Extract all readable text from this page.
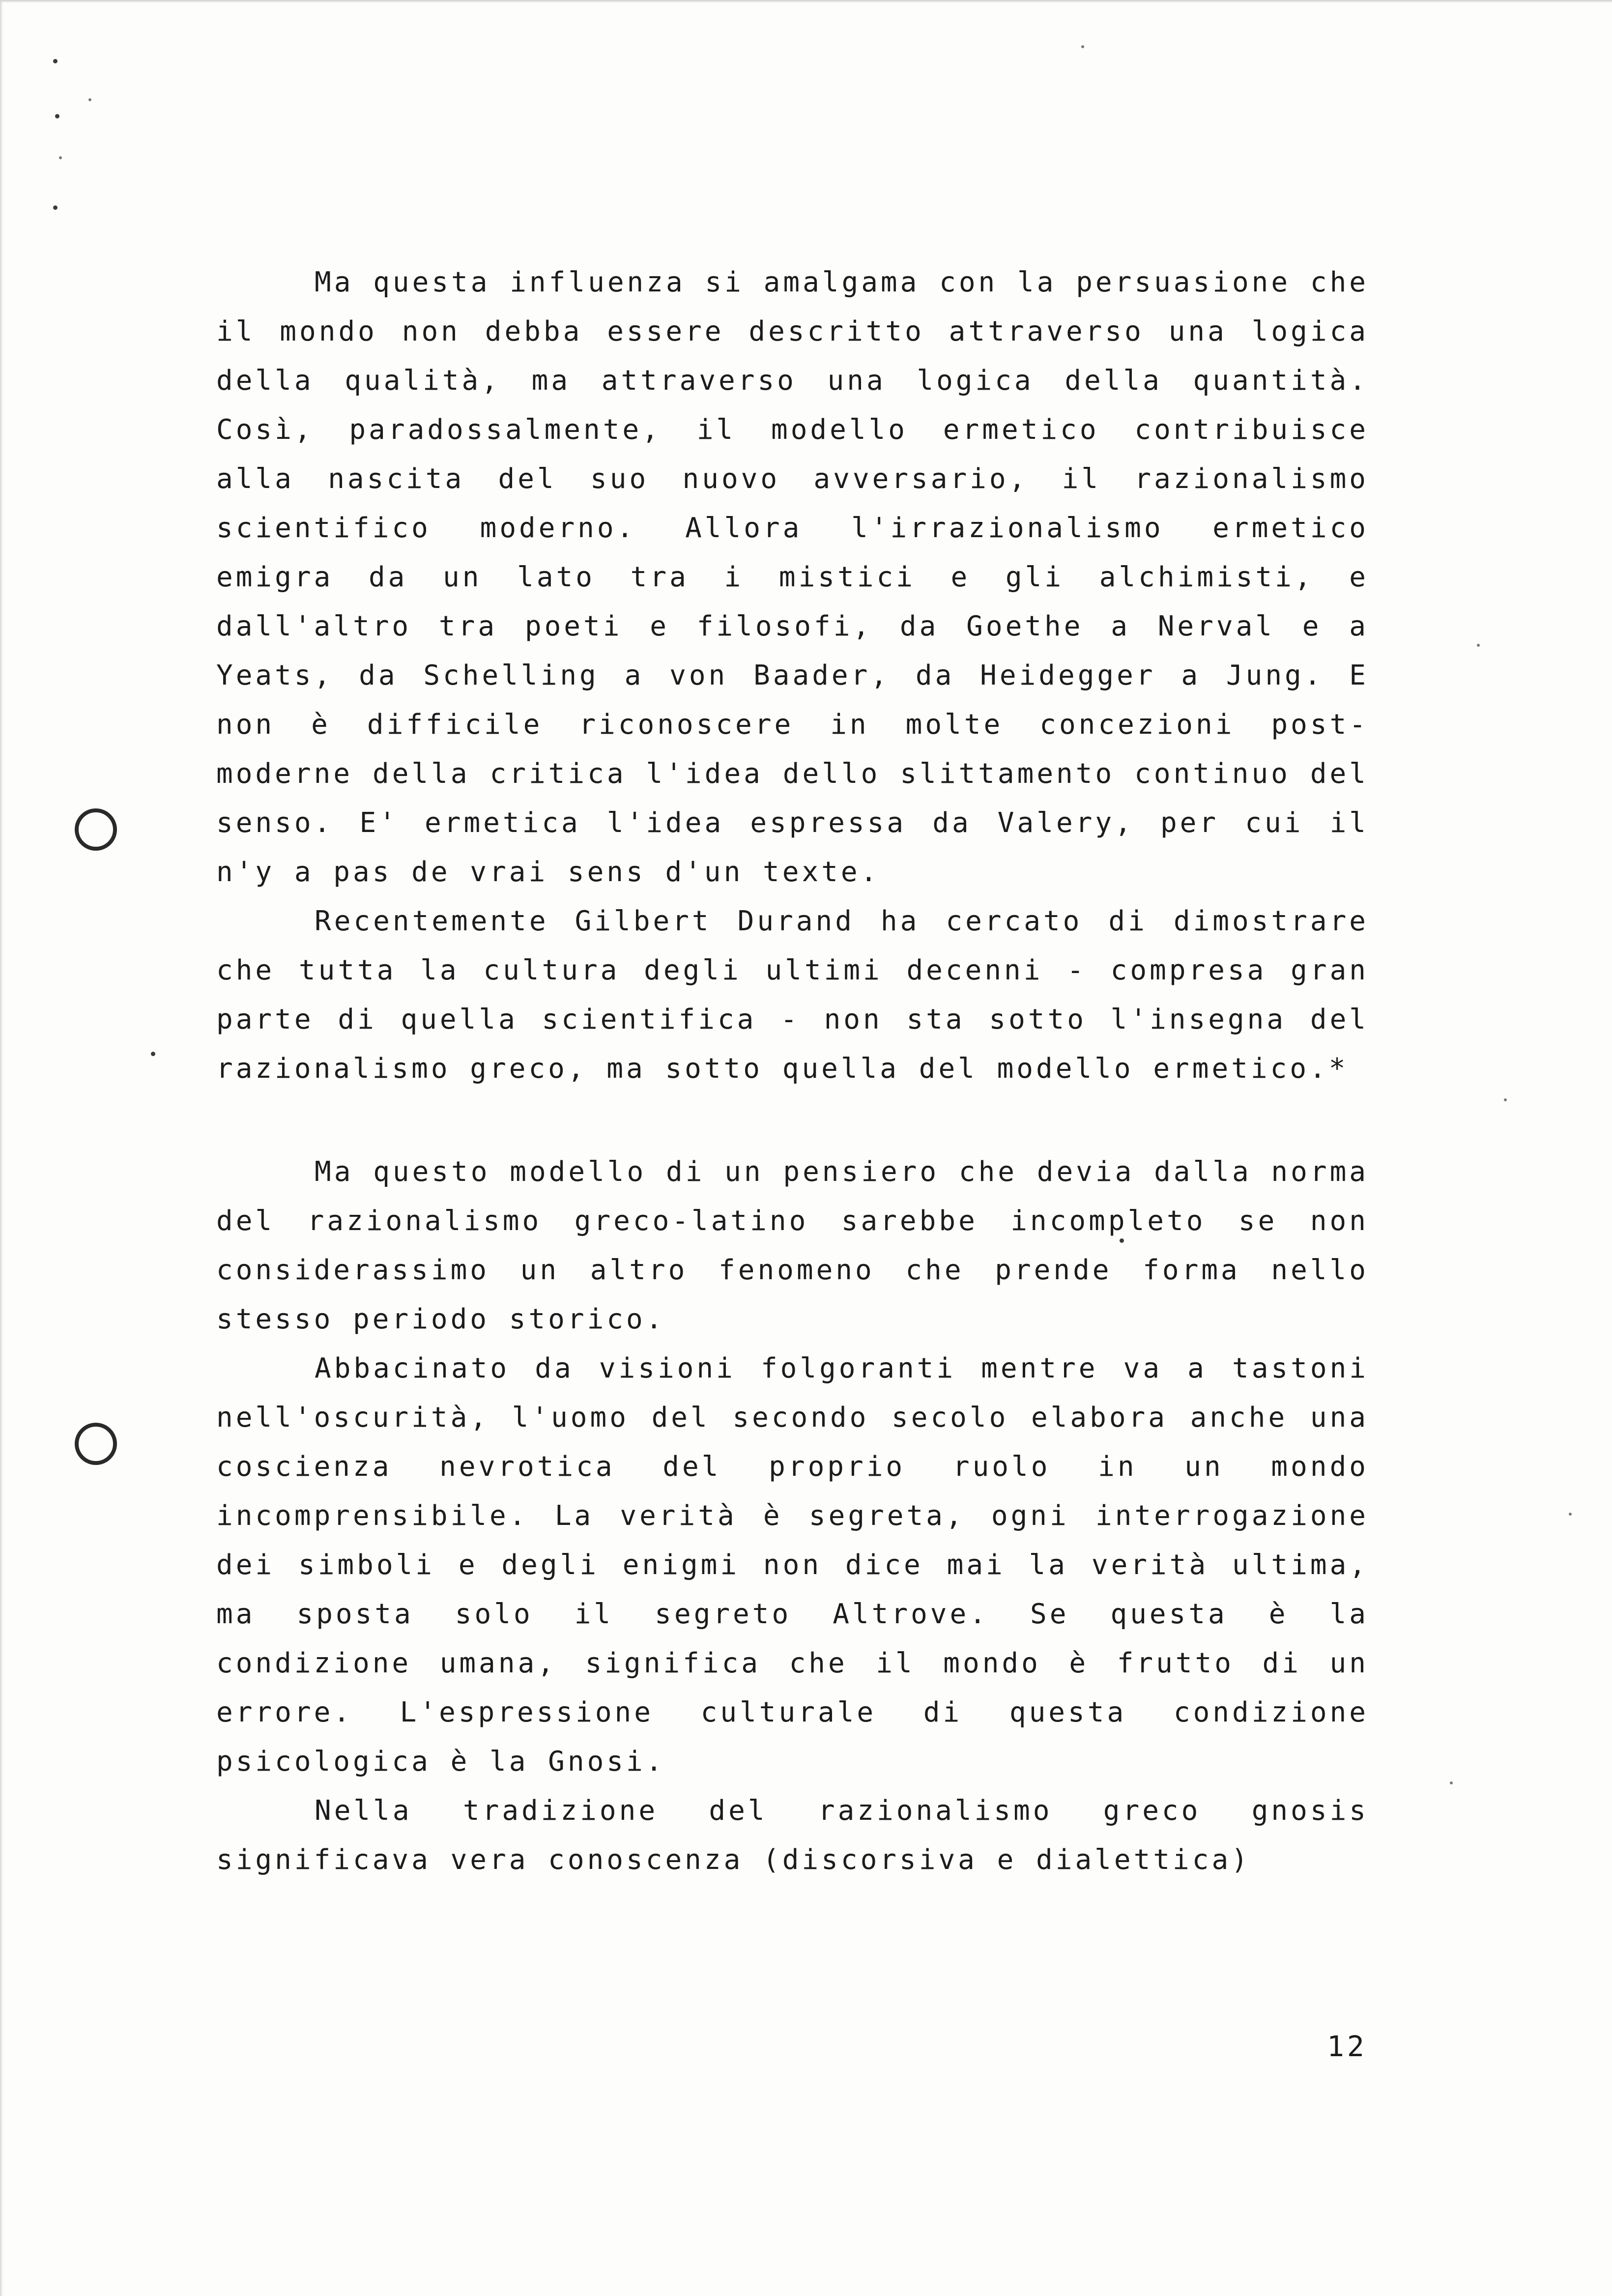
Ma questa influenza si amalgama con la persuasione che il mondo non debba essere descritto attraverso una logica della qualità, ma attraverso una logica della quantità. Così, paradossalmente, il modello ermetico contribuisce alla nascita del suo nuovo avversario, il razionalismo scientifico moderno. Allora l'irrazionalismo ermetico emigra da un lato tra i mistici e gli alchimisti, e dall'altro tra poeti e filosofi, da Goethe a Nerval e a Yeats, da Schelling a von Baader, da Heidegger a Jung. E non è difficile riconoscere in molte concezioni post-moderne della critica l'idea dello slittamento continuo del senso. E' ermetica l'idea espressa da Valery, per cui il n'y a pas de vrai sens d'un texte.

Recentemente Gilbert Durand ha cercato di dimostrare che tutta la cultura degli ultimi decenni - compresa gran parte di quella scientifica - non sta sotto l'insegna del razionalismo greco, ma sotto quella del modello ermetico.*

Ma questo modello di un pensiero che devia dalla norma del razionalismo greco-latino sarebbe incompleto se non considerassimo un altro fenomeno che prende forma nello stesso periodo storico.

Abbacinato da visioni folgoranti mentre va a tastoni nell'oscurità, l'uomo del secondo secolo elabora anche una coscienza nevrotica del proprio ruolo in un mondo incomprensibile. La verità è segreta, ogni interrogazione dei simboli e degli enigmi non dice mai la verità ultima, ma sposta solo il segreto Altrove. Se questa è la condizione umana, significa che il mondo è frutto di un errore. L'espressione culturale di questa condizione psicologica è la Gnosi.

Nella tradizione del razionalismo greco gnosis significava vera conoscenza (discorsiva e dialettica)

12
